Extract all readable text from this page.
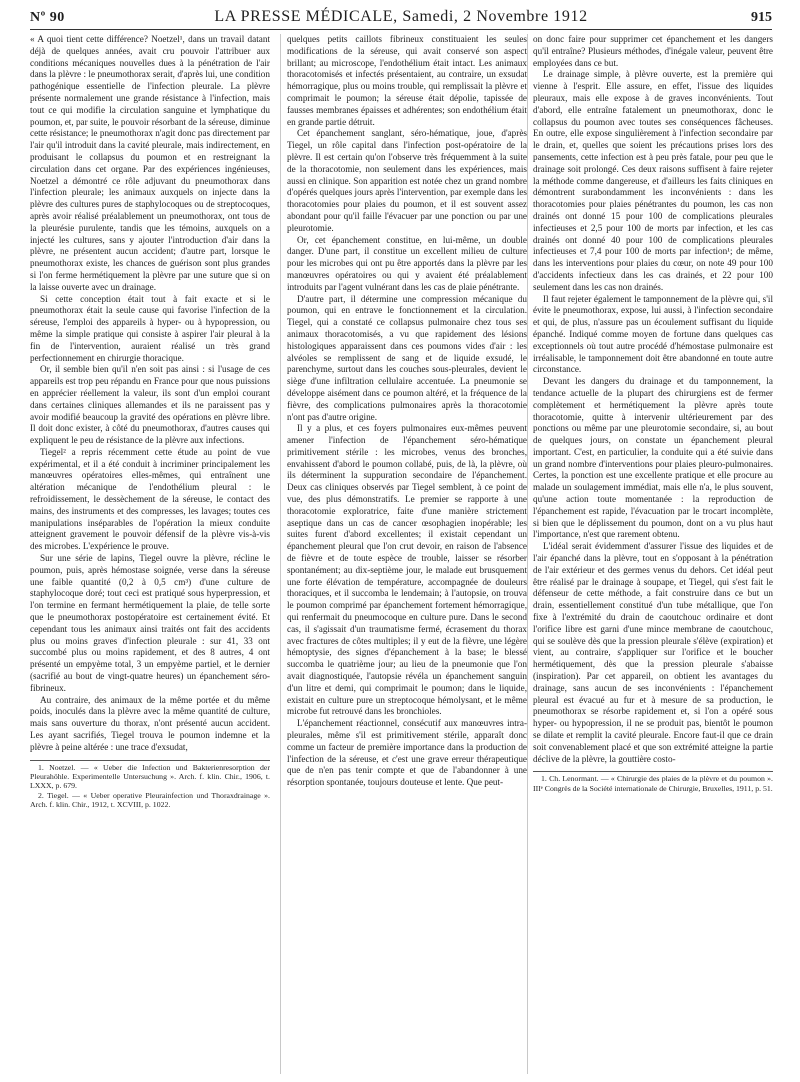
Nº 90	LA PRESSE MÉDICALE, Samedi, 2 Novembre 1912	915

« A quoi tient cette différence? Noetzel¹, dans un travail datant déjà de quelques années, avait cru pouvoir l'attribuer aux conditions mécaniques nouvelles dues à la pénétration de l'air dans la plèvre : le pneumothorax serait, d'après lui, une condition pathogénique essentielle de l'infection pleurale. La plèvre présente normalement une grande résistance à l'infection, mais tout ce qui modifie la circulation sanguine et lymphatique du poumon, et, par suite, le pouvoir résorbant de la séreuse, diminue cette résistance; le pneumothorax n'agit donc pas directement par l'air qu'il introduit dans la cavité pleurale, mais indirectement, en produisant le collapsus du poumon et en restreignant la circulation dans cet organe. Par des expériences ingénieuses, Noetzel a démontré ce rôle adjuvant du pneumothorax dans l'infection pleurale; les animaux auxquels on injecte dans la plèvre des cultures pures de staphylocoques ou de streptocoques, après avoir réalisé préalablement un pneumothorax, ont tous de la pleurésie purulente, tandis que les témoins, auxquels on a injecté les cultures, sans y ajouter l'introduction d'air dans la plèvre, ne présentent aucun accident; d'autre part, lorsque le pneumothorax existe, les chances de guérison sont plus grandes si l'on ferme hermétiquement la plèvre par une suture que si on la laisse ouverte avec un drainage.

Si cette conception était tout à fait exacte et si le pneumothorax était la seule cause qui favorise l'infection de la séreuse, l'emploi des appareils à hyper- ou à hypopression, ou même la simple pratique qui consiste à aspirer l'air pleural à la fin de l'intervention, auraient réalisé un très grand perfectionnement en chirurgie thoracique.

Or, il semble bien qu'il n'en soit pas ainsi : si l'usage de ces appareils est trop peu répandu en France pour que nous puissions en apprécier réellement la valeur, ils sont d'un emploi courant dans certaines cliniques allemandes et ils ne paraissent pas y avoir modifié beaucoup la gravité des opérations en plèvre libre. Il doit donc exister, à côté du pneumothorax, d'autres causes qui expliquent le peu de résistance de la plèvre aux infections.

Tiegel² a repris récemment cette étude au point de vue expérimental, et il a été conduit à incriminer principalement les manœuvres opératoires elles-mêmes, qui entraînent une altération mécanique de l'endothélium pleural : le refroidissement, le dessèchement de la séreuse, le contact des mains, des instruments et des compresses, les lavages; toutes ces manipulations inséparables de l'opération la mieux conduite atteignent gravement le pouvoir défensif de la plèvre vis-à-vis des microbes. L'expérience le prouve.

Sur une série de lapins, Tiegel ouvre la plèvre, récline le poumon, puis, après hémostase soignée, verse dans la séreuse une faible quantité (0,2 à 0,5 cm³) d'une culture de staphylocoque doré; tout ceci est pratiqué sous hyperpression, et l'on termine en fermant hermétiquement la plaie, de telle sorte que le pneumothorax postopératoire est certainement évité. Et cependant tous les animaux ainsi traités ont fait des accidents plus ou moins graves d'infection pleurale : sur 41, 33 ont succombé plus ou moins rapidement, et des 8 autres, 4 ont présenté un empyème total, 3 un empyème partiel, et le dernier (sacrifié au bout de vingt-quatre heures) un épanchement séro-fibrineux.

Au contraire, des animaux de la même portée et du même poids, inoculés dans la plèvre avec la même quantité de culture, mais sans ouverture du thorax, n'ont présenté aucun accident. Les ayant sacrifiés, Tiegel trouva le poumon indemne et la plèvre à peine altérée : une trace d'exsudat,

1. Noetzel. — « Ueber die Infection und Bakterienresorption der Pleurahöhle. Experimentelle Untersuchung ». Arch. f. klin. Chir., 1906, t. LXXX, p. 679.

2. Tiegel. — « Ueber operative Pleurainfection und Thoraxdrainage ». Arch. f. klin. Chir., 1912, t. XCVIII, p. 1022.

quelques petits caillots fibrineux constituaient les seules modifications de la séreuse, qui avait conservé son aspect brillant; au microscope, l'endothélium était intact. Les animaux thoracotomisés et infectés présentaient, au contraire, un exsudat hémorragique, plus ou moins trouble, qui remplissait la plèvre et comprimait le poumon; la séreuse était dépolie, tapissée de fausses membranes épaisses et adhérentes; son endothélium était en grande partie détruit.

Cet épanchement sanglant, séro-hématique, joue, d'après Tiegel, un rôle capital dans l'infection post-opératoire de la plèvre. Il est certain qu'on l'observe très fréquemment à la suite de la thoracotomie, non seulement dans les expériences, mais aussi en clinique. Son apparition est notée chez un grand nombre d'opérés quelques jours après l'intervention, par exemple dans les thoracotomies pour plaies du poumon, et il est souvent assez abondant pour qu'il faille l'évacuer par une ponction ou par une pleurotomie.

Or, cet épanchement constitue, en lui-même, un double danger. D'une part, il constitue un excellent milieu de culture pour les microbes qui ont pu être apportés dans la plèvre par les manœuvres opératoires ou qui y avaient été préalablement introduits par l'agent vulnérant dans les cas de plaie pénétrante.

D'autre part, il détermine une compression mécanique du poumon, qui en entrave le fonctionnement et la circulation. Tiegel, qui a constaté ce collapsus pulmonaire chez tous ses animaux thoracotomisés, a vu que rapidement des lésions histologiques apparaissent dans ces poumons vides d'air : les alvéoles se remplissent de sang et de liquide exsudé, le parenchyme, surtout dans les couches sous-pleurales, devient le siège d'une infiltration cellulaire accentuée. La pneumonie se développe aisément dans ce poumon altéré, et la fréquence de la fièvre, des complications pulmonaires après la thoracotomie n'ont pas d'autre origine.

Il y a plus, et ces foyers pulmonaires eux-mêmes peuvent amener l'infection de l'épanchement séro-hématique primitivement stérile : les microbes, venus des bronches, envahissent d'abord le poumon collabé, puis, de là, la plèvre, où ils déterminent la suppuration secondaire de l'épanchement. Deux cas cliniques observés par Tiegel semblent, à ce point de vue, des plus démonstratifs. Le premier se rapporte à une thoracotomie exploratrice, faite d'une manière strictement aseptique dans un cas de cancer œsophagien inopérable; les suites furent d'abord excellentes; il existait cependant un épanchement pleural que l'on crut devoir, en raison de l'absence de fièvre et de toute espèce de trouble, laisser se résorber spontanément; au dix-septième jour, le malade eut brusquement une forte élévation de température, accompagnée de douleurs thoraciques, et il succomba le lendemain; à l'autopsie, on trouva le poumon comprimé par épanchement fortement hémorragique, qui renfermait du pneumocoque en culture pure. Dans le second cas, il s'agissait d'un traumatisme fermé, écrasement du thorax avec fractures de côtes multiples; il y eut de la fièvre, une légère hémoptysie, des signes d'épanchement à la base; le blessé succomba le quatrième jour; au lieu de la pneumonie que l'on avait diagnostiquée, l'autopsie révéla un épanchement sanguin d'un litre et demi, qui comprimait le poumon; dans le liquide, existait en culture pure un streptocoque hémolysant, et le même microbe fut retrouvé dans les bronchioles.

L'épanchement réactionnel, consécutif aux manœuvres intra-pleurales, même s'il est primitivement stérile, apparaît donc comme un facteur de première importance dans la production de l'infection de la séreuse, et c'est une grave erreur thérapeutique que de n'en pas tenir compte et que de l'abandonner à une résorption spontanée, toujours douteuse et lente. Que peut-

on donc faire pour supprimer cet épanchement et les dangers qu'il entraîne? Plusieurs méthodes, d'inégale valeur, peuvent être employées dans ce but.

Le drainage simple, à plèvre ouverte, est la première qui vienne à l'esprit. Elle assure, en effet, l'issue des liquides pleuraux, mais elle expose à de graves inconvénients. Tout d'abord, elle entraîne fatalement un pneumothorax, donc le collapsus du poumon avec toutes ses conséquences fâcheuses. En outre, elle expose singulièrement à l'infection secondaire par le drain, et, quelles que soient les précautions prises lors des pansements, cette infection est à peu près fatale, pour peu que le drainage soit prolongé. Ces deux raisons suffisent à faire rejeter la méthode comme dangereuse, et d'ailleurs les faits cliniques en démontrent surabondamment les inconvénients : dans les thoracotomies pour plaies pénétrantes du poumon, les cas non drainés ont donné 15 pour 100 de complications pleurales infectieuses et 2,5 pour 100 de morts par infection, et les cas drainés ont donné 40 pour 100 de complications pleurales infectieuses et 7,4 pour 100 de morts par infection¹; de même, dans les interventions pour plaies du cœur, on note 49 pour 100 d'accidents infectieux dans les cas drainés, et 22 pour 100 seulement dans les cas non drainés.

Il faut rejeter également le tamponnement de la plèvre qui, s'il évite le pneumothorax, expose, lui aussi, à l'infection secondaire et qui, de plus, n'assure pas un écoulement suffisant du liquide épanché. Indiqué comme moyen de fortune dans quelques cas exceptionnels où tout autre procédé d'hémostase pulmonaire est irréalisable, le tamponnement doit être abandonné en toute autre circonstance.

Devant les dangers du drainage et du tamponnement, la tendance actuelle de la plupart des chirurgiens est de fermer complètement et hermétiquement la plèvre après toute thoracotomie, quitte à intervenir ultérieurement par des ponctions ou même par une pleurotomie secondaire, si, au bout de quelques jours, on constate un épanchement pleural important. C'est, en particulier, la conduite qui a été suivie dans un grand nombre d'interventions pour plaies pleuro-pulmonaires. Certes, la ponction est une excellente pratique et elle procure au malade un soulagement immédiat, mais elle n'a, le plus souvent, qu'une action toute momentanée : la reproduction de l'épanchement est rapide, l'évacuation par le trocart incomplète, si bien que le déplissement du poumon, dont on a vu plus haut l'importance, n'est que rarement obtenu.

L'idéal serait évidemment d'assurer l'issue des liquides et de l'air épanché dans la plèvre, tout en s'opposant à la pénétration de l'air extérieur et des germes venus du dehors. Cet idéal peut être réalisé par le drainage à soupape, et Tiegel, qui s'est fait le défenseur de cette méthode, a fait construire dans ce but un drain, essentiellement constitué d'un tube métallique, que l'on fixe à l'extrémité du drain de caoutchouc ordinaire et dont l'orifice libre est garni d'une mince membrane de caoutchouc, qui se soulève dès que la pression pleurale s'élève (expiration) et vient, au contraire, s'appliquer sur l'orifice et le boucher hermétiquement, dès que la pression pleurale s'abaisse (inspiration). Par cet appareil, on obtient les avantages du drainage, sans aucun de ses inconvénients : l'épanchement pleural est évacué au fur et à mesure de sa production, le pneumothorax se résorbe rapidement et, si l'on a opéré sous hyper- ou hypopression, il ne se produit pas, bientôt le poumon se dilate et remplit la cavité pleurale. Encore faut-il que ce drain soit convenablement placé et que son extrémité atteigne la partie déclive de la plèvre, la gouttière costo-

1. Ch. Lenormant. — « Chirurgie des plaies de la plèvre et du poumon ». IIIᵉ Congrès de la Société internationale de Chirurgie, Bruxelles, 1911, p. 51.
